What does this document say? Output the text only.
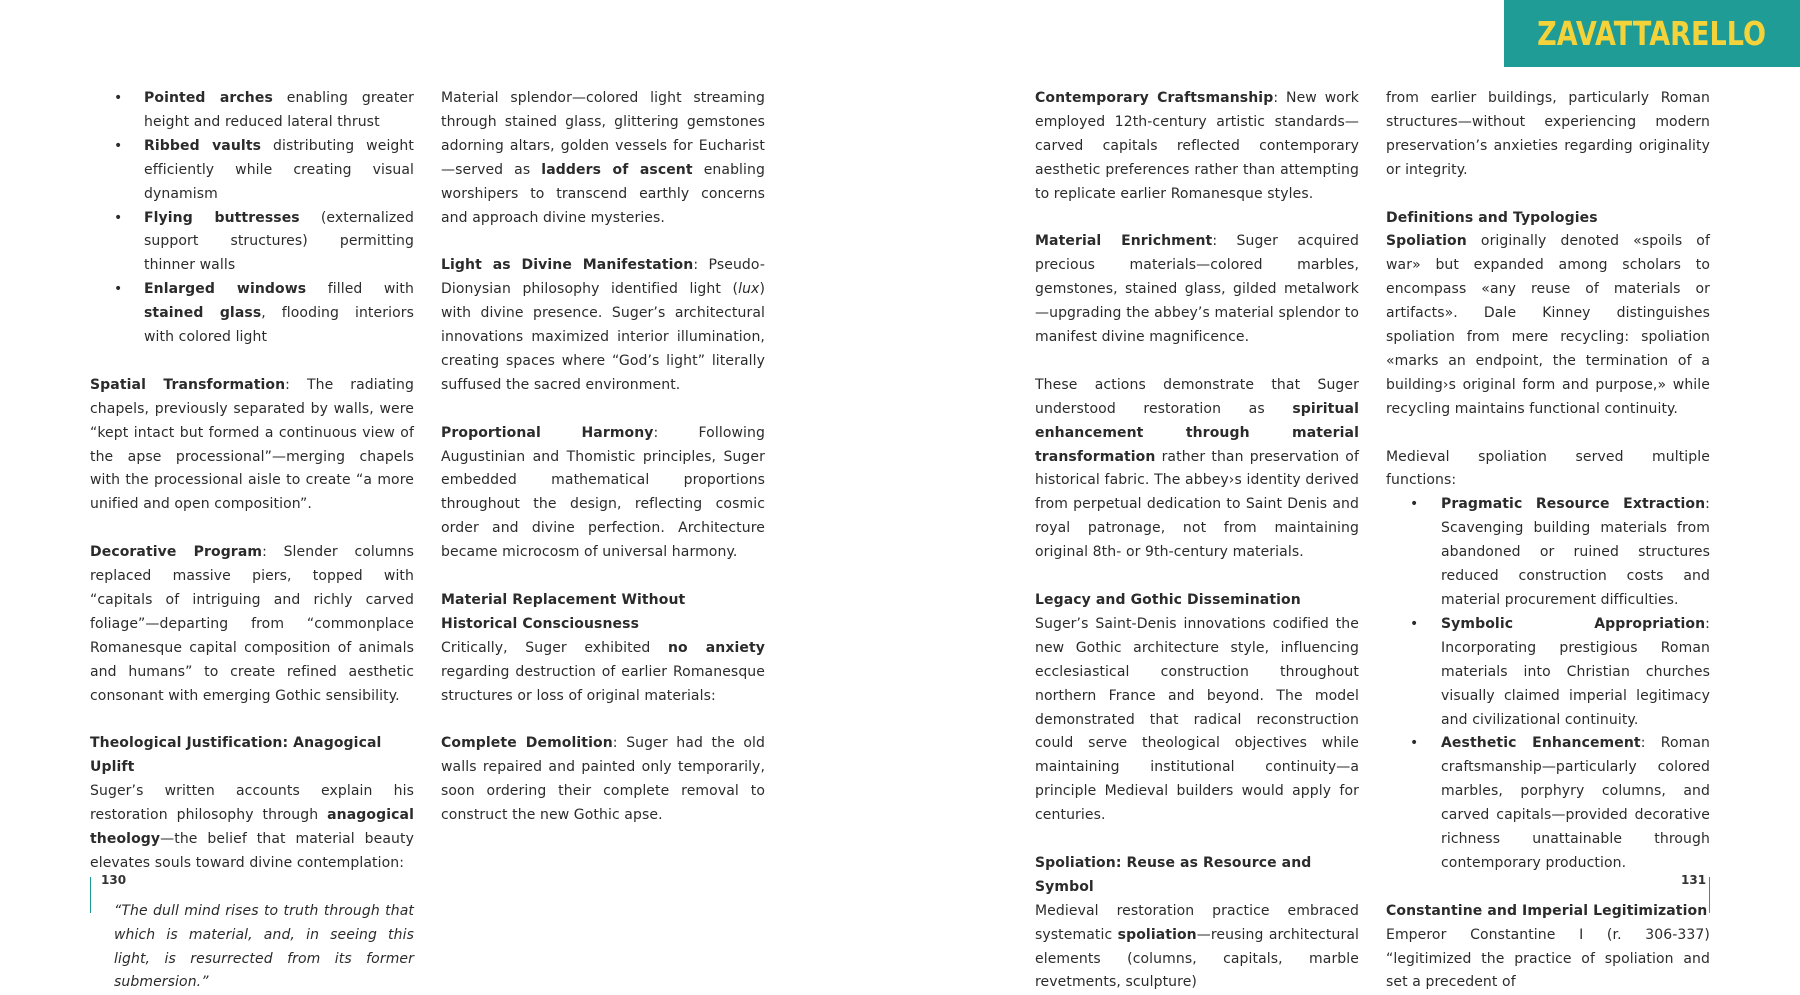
ZAVATTARELLO
• Pointed arches enabling greater height and reduced lateral thrust
• Ribbed vaults distributing weight efficiently while creating visual dynamism
• Flying buttresses (externalized support structures) permitting thinner walls
• Enlarged windows filled with stained glass, flooding interiors with colored light

Spatial Transformation: The radiating chapels, previously separated by walls, were “kept intact but formed a continuous view of the apse processional”—merging chapels with the processional aisle to create “a more unified and open composition”.

Decorative Program: Slender columns replaced massive piers, topped with “capitals of intriguing and richly carved foliage”—departing from “commonplace Romanesque capital composition of animals and humans” to create refined aesthetic consonant with emerging Gothic sensibility.

Theological Justification: Anagogical Uplift

Suger’s written accounts explain his restoration philosophy through anagogical theology—the belief that material beauty elevates souls toward divine contemplation:

“The dull mind rises to truth through that which is material, and, in seeing this light, is resurrected from its former submersion.”

Material splendor—colored light streaming through stained glass, glittering gemstones adorning altars, golden vessels for Eucharist—served as ladders of ascent enabling worshipers to transcend earthly concerns and approach divine mysteries.

Light as Divine Manifestation: Pseudo-Dionysian philosophy identified light (lux) with divine presence. Suger’s architectural innovations maximized interior illumination, creating spaces where “God’s light” literally suffused the sacred environment.

Proportional Harmony: Following Augustinian and Thomistic principles, Suger embedded mathematical proportions throughout the design, reflecting cosmic order and divine perfection. Architecture became microcosm of universal harmony.

Material Replacement Without Historical Consciousness

Critically, Suger exhibited no anxiety regarding destruction of earlier Romanesque structures or loss of original materials:

Complete Demolition: Suger had the old walls repaired and painted only temporarily, soon ordering their complete removal to construct the new Gothic apse.

130

Contemporary Craftsmanship: New work employed 12th-century artistic standards—carved capitals reflected contemporary aesthetic preferences rather than attempting to replicate earlier Romanesque styles.

Material Enrichment: Suger acquired precious materials—colored marbles, gemstones, stained glass, gilded metalwork—upgrading the abbey’s material splendor to manifest divine magnificence.

These actions demonstrate that Suger understood restoration as spiritual enhancement through material transformation rather than preservation of historical fabric. The abbey›s identity derived from perpetual dedication to Saint Denis and royal patronage, not from maintaining original 8th- or 9th-century materials.

Legacy and Gothic Dissemination

Suger’s Saint-Denis innovations codified the new Gothic architecture style, influencing ecclesiastical construction throughout northern France and beyond. The model demonstrated that radical reconstruction could serve theological objectives while maintaining institutional continuity—a principle Medieval builders would apply for centuries.

Spoliation: Reuse as Resource and Symbol

Medieval restoration practice embraced systematic spoliation—reusing architectural elements (columns, capitals, marble revetments, sculpture)

from earlier buildings, particularly Roman structures—without experiencing modern preservation’s anxieties regarding originality or integrity.

Definitions and Typologies

Spoliation originally denoted «spoils of war» but expanded among scholars to encompass «any reuse of materials or artifacts». Dale Kinney distinguishes spoliation from mere recycling: spoliation «marks an endpoint, the termination of a building›s original form and purpose,» while recycling maintains functional continuity.

Medieval spoliation served multiple functions:

• Pragmatic Resource Extraction: Scavenging building materials from abandoned or ruined structures reduced construction costs and material procurement difficulties.
• Symbolic Appropriation: Incorporating prestigious Roman materials into Christian churches visually claimed imperial legitimacy and civilizational continuity.
• Aesthetic Enhancement: Roman craftsmanship—particularly colored marbles, porphyry columns, and carved capitals—provided decorative richness unattainable through contemporary production.
Constantine and Imperial Legitimization

Emperor Constantine I (r. 306-337) “legitimized the practice of spoliation and set a precedent of

131
